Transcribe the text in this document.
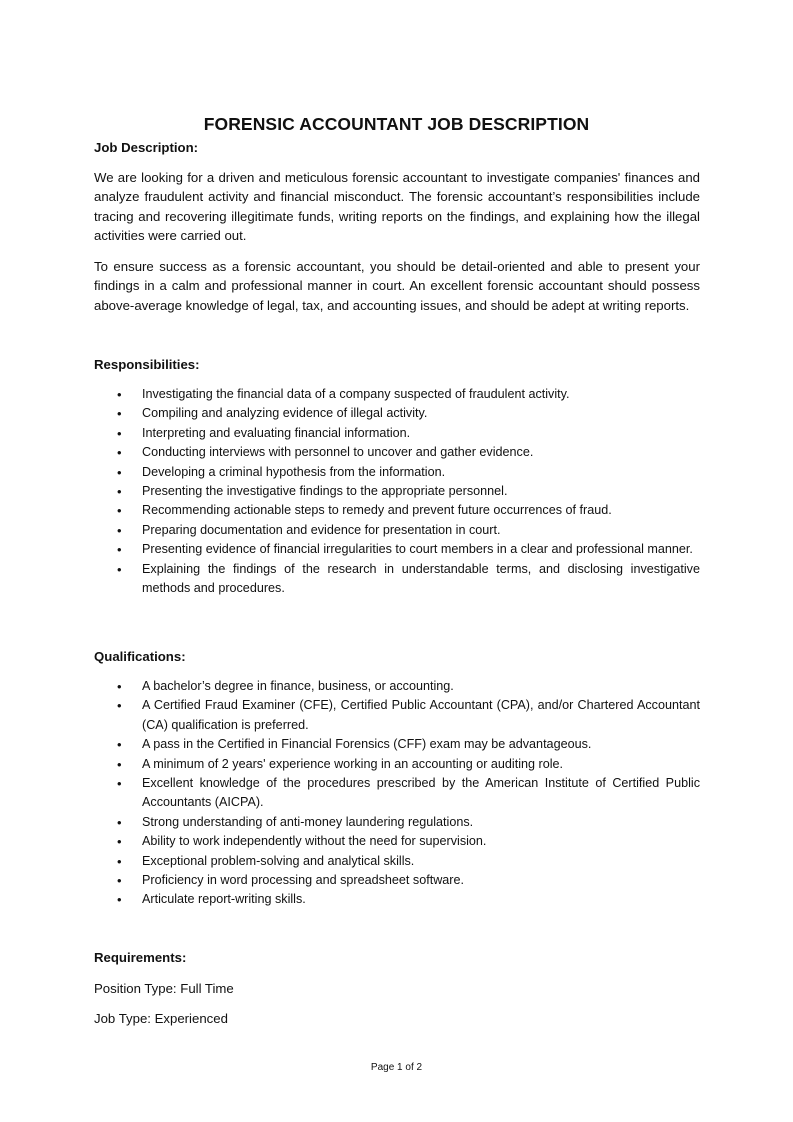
FORENSIC ACCOUNTANT JOB DESCRIPTION
Job Description:
We are looking for a driven and meticulous forensic accountant to investigate companies' finances and analyze fraudulent activity and financial misconduct. The forensic accountant’s responsibilities include tracing and recovering illegitimate funds, writing reports on the findings, and explaining how the illegal activities were carried out.
To ensure success as a forensic accountant, you should be detail-oriented and able to present your findings in a calm and professional manner in court. An excellent forensic accountant should possess above-average knowledge of legal, tax, and accounting issues, and should be adept at writing reports.
Responsibilities:
• Investigating the financial data of a company suspected of fraudulent activity.
• Compiling and analyzing evidence of illegal activity.
• Interpreting and evaluating financial information.
• Conducting interviews with personnel to uncover and gather evidence.
• Developing a criminal hypothesis from the information.
• Presenting the investigative findings to the appropriate personnel.
• Recommending actionable steps to remedy and prevent future occurrences of fraud.
• Preparing documentation and evidence for presentation in court.
• Presenting evidence of financial irregularities to court members in a clear and professional manner.
• Explaining the findings of the research in understandable terms, and disclosing investigative methods and procedures.
Qualifications:
• A bachelor’s degree in finance, business, or accounting.
• A Certified Fraud Examiner (CFE), Certified Public Accountant (CPA), and/or Chartered Accountant (CA) qualification is preferred.
• A pass in the Certified in Financial Forensics (CFF) exam may be advantageous.
• A minimum of 2 years' experience working in an accounting or auditing role.
• Excellent knowledge of the procedures prescribed by the American Institute of Certified Public Accountants (AICPA).
• Strong understanding of anti-money laundering regulations.
• Ability to work independently without the need for supervision.
• Exceptional problem-solving and analytical skills.
• Proficiency in word processing and spreadsheet software.
• Articulate report-writing skills.
Requirements:
Position Type: Full Time
Job Type: Experienced
Page 1 of 2
